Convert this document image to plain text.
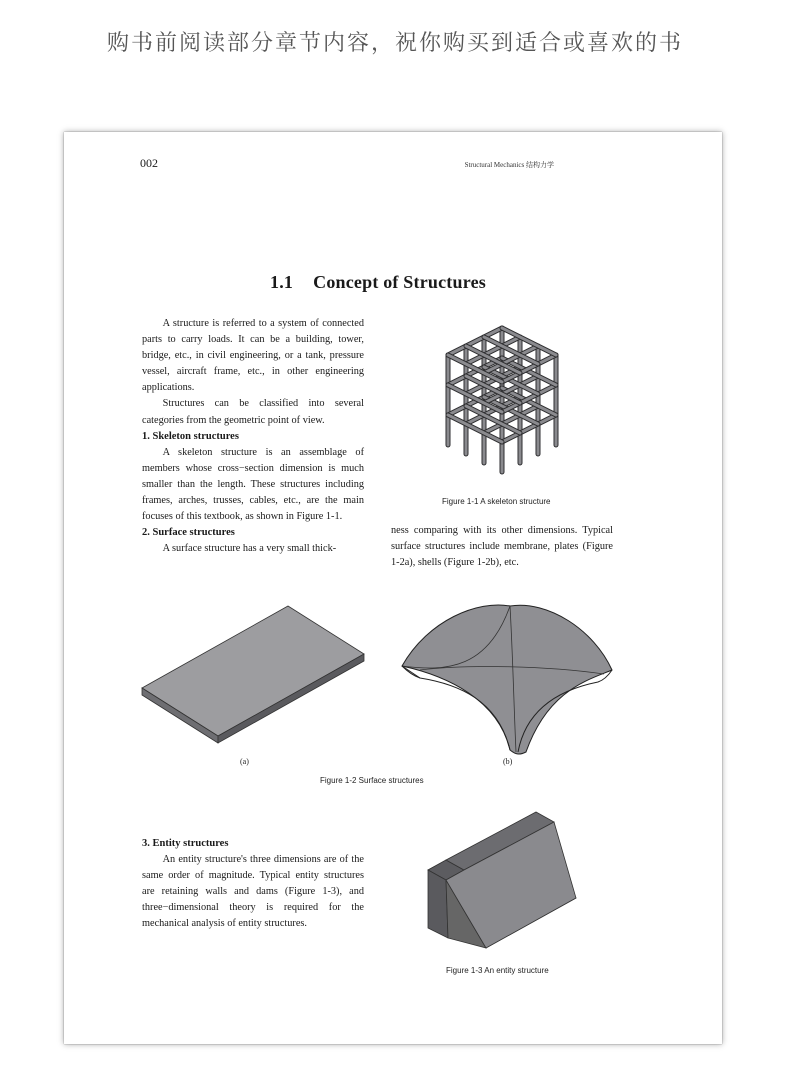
购书前阅读部分章节内容，祝你购买到适合或喜欢的书
002	Structural Mechanics 结构力学
1.1 Concept of Structures

A structure is referred to a system of connected parts to carry loads. It can be a building, tower, bridge, etc., in civil engineering, or a tank, pressure vessel, aircraft frame, etc., in other engineering applications.

Structures can be classified into several categories from the geometric point of view.

1. Skeleton structures

A skeleton structure is an assemblage of members whose cross−section dimension is much smaller than the length. These structures including frames, arches, trusses, cables, etc., are the main focuses of this textbook, as shown in Figure 1-1.

2. Surface structures

A surface structure has a very small thick-

ness comparing with its other dimensions. Typical surface structures include membrane, plates (Figure 1-2a), shells (Figure 1-2b), etc.

Figure 1-1 A skeleton structure
(a)	(b)
Figure 1-2 Surface structures
3. Entity structures

An entity structure's three dimensions are of the same order of magnitude. Typical entity structures are retaining walls and dams (Figure 1-3), and three−dimensional theory is required for the mechanical analysis of entity structures.

Figure 1-3 An entity structure
